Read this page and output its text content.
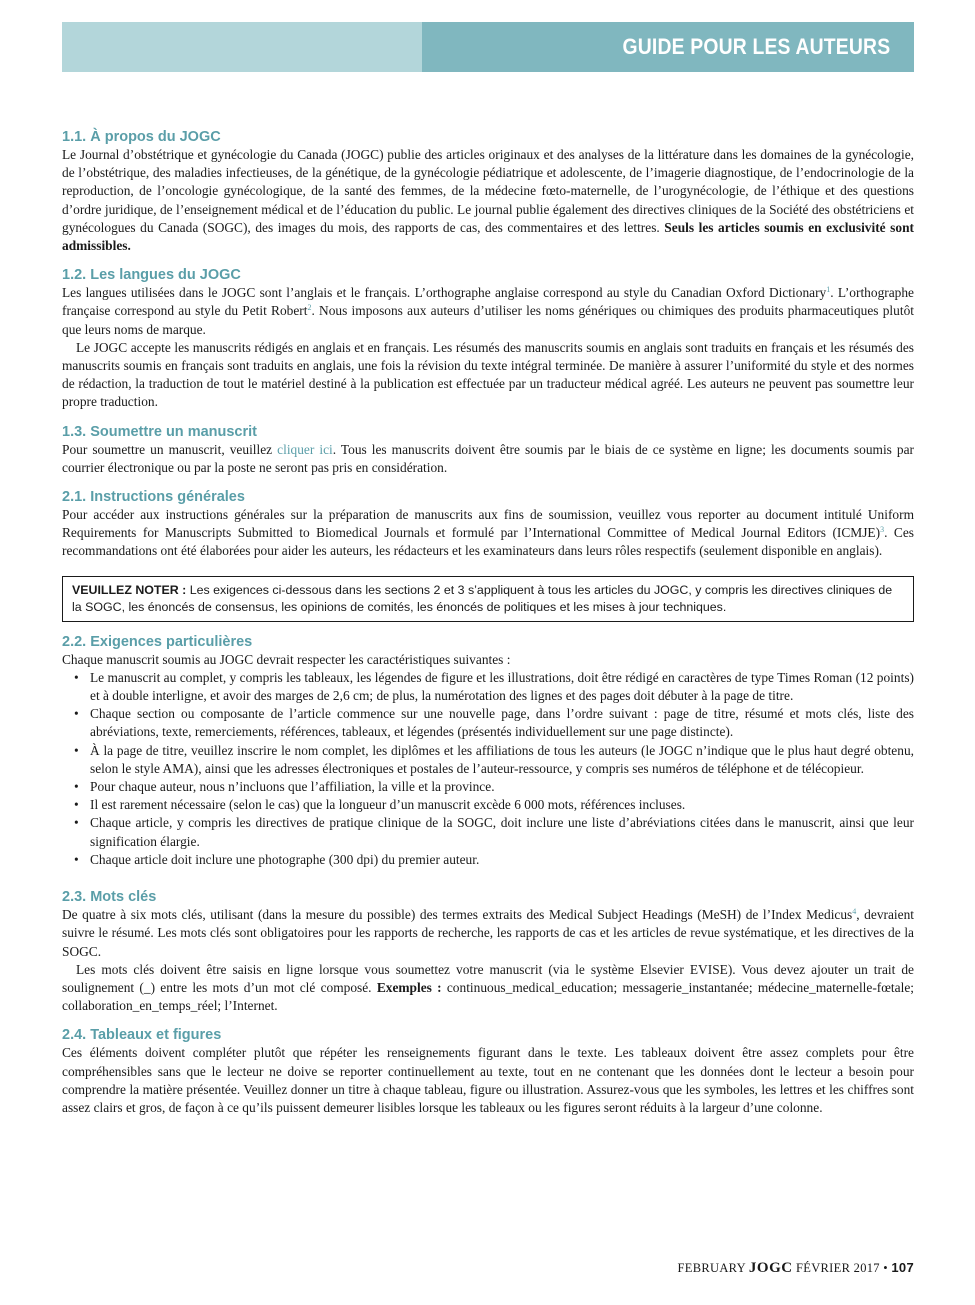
GUIDE POUR LES AUTEURS
1.1. À propos du JOGC

Le Journal d’obstétrique et gynécologie du Canada (JOGC) publie des articles originaux et des analyses de la littérature dans les domaines de la gynécologie, de l’obstétrique, des maladies infectieuses, de la génétique, de la gynécologie pédiatrique et adolescente, de l’imagerie diagnostique, de l’endocrinologie de la reproduction, de l’oncologie gynécologique, de la santé des femmes, de la médecine fœto-maternelle, de l’urogynécologie, de l’éthique et des questions d’ordre juridique, de l’enseignement médical et de l’éducation du public. Le journal publie également des directives cliniques de la Société des obstétriciens et gynécologues du Canada (SOGC), des images du mois, des rapports de cas, des commentaires et des lettres. Seuls les articles soumis en exclusivité sont admissibles.

1.2. Les langues du JOGC

Les langues utilisées dans le JOGC sont l’anglais et le français. L’orthographe anglaise correspond au style du Canadian Oxford Dictionary$^1$. L’orthographe française correspond au style du Petit Robert$^2$. Nous imposons aux auteurs d’utiliser les noms génériques ou chimiques des produits pharmaceutiques plutôt que leurs noms de marque.

Le JOGC accepte les manuscrits rédigés en anglais et en français. Les résumés des manuscrits soumis en anglais sont traduits en français et les résumés des manuscrits soumis en français sont traduits en anglais, une fois la révision du texte intégral terminée. De manière à assurer l’uniformité du style et des normes de rédaction, la traduction de tout le matériel destiné à la publication est effectuée par un traducteur médical agréé. Les auteurs ne peuvent pas soumettre leur propre traduction.

1.3. Soumettre un manuscrit

Pour soumettre un manuscrit, veuillez cliquer ici. Tous les manuscrits doivent être soumis par le biais de ce système en ligne; les documents soumis par courrier électronique ou par la poste ne seront pas pris en considération.

2.1. Instructions générales

Pour accéder aux instructions générales sur la préparation de manuscrits aux fins de soumission, veuillez vous reporter au document intitulé Uniform Requirements for Manuscripts Submitted to Biomedical Journals et formulé par l’International Committee of Medical Journal Editors (ICMJE)$^3$. Ces recommandations ont été élaborées pour aider les auteurs, les rédacteurs et les examinateurs dans leurs rôles respectifs (seulement disponible en anglais).

VEUILLEZ NOTER : Les exigences ci-dessous dans les sections 2 et 3 s’appliquent à tous les articles du JOGC, y compris les directives cliniques de la SOGC, les énoncés de consensus, les opinions de comités, les énoncés de politiques et les mises à jour techniques.

2.2. Exigences particulières

Chaque manuscrit soumis au JOGC devrait respecter les caractéristiques suivantes :

• Le manuscrit au complet, y compris les tableaux, les légendes de figure et les illustrations, doit être rédigé en caractères de type Times Roman (12 points) et à double interligne, et avoir des marges de 2,6 cm; de plus, la numérotation des lignes et des pages doit débuter à la page de titre.
• Chaque section ou composante de l’article commence sur une nouvelle page, dans l’ordre suivant : page de titre, résumé et mots clés, liste des abréviations, texte, remerciements, références, tableaux, et légendes (présentés individuellement sur une page distincte).
• À la page de titre, veuillez inscrire le nom complet, les diplômes et les affiliations de tous les auteurs (le JOGC n’indique que le plus haut degré obtenu, selon le style AMA), ainsi que les adresses électroniques et postales de l’auteur-ressource, y compris ses numéros de téléphone et de télécopieur.
• Pour chaque auteur, nous n’incluons que l’affiliation, la ville et la province.
• Il est rarement nécessaire (selon le cas) que la longueur d’un manuscrit excède 6 000 mots, références incluses.
• Chaque article, y compris les directives de pratique clinique de la SOGC, doit inclure une liste d’abréviations citées dans le manuscrit, ainsi que leur signification élargie.
• Chaque article doit inclure une photographe (300 dpi) du premier auteur.
2.3. Mots clés

De quatre à six mots clés, utilisant (dans la mesure du possible) des termes extraits des Medical Subject Headings (MeSH) de l’Index Medicus$^4$, devraient suivre le résumé. Les mots clés sont obligatoires pour les rapports de recherche, les rapports de cas et les articles de revue systématique, et les directives de la SOGC.

Les mots clés doivent être saisis en ligne lorsque vous soumettez votre manuscrit (via le système Elsevier EVISE). Vous devez ajouter un trait de soulignement (_) entre les mots d’un mot clé composé. Exemples : continuous_medical_education; messagerie_instantanée; médecine_maternelle-fœtale; collaboration_en_temps_réel; l’Internet.

2.4. Tableaux et figures

Ces éléments doivent compléter plutôt que répéter les renseignements figurant dans le texte. Les tableaux doivent être assez complets pour être compréhensibles sans que le lecteur ne doive se reporter continuellement au texte, tout en ne contenant que les données dont le lecteur a besoin pour comprendre la matière présentée. Veuillez donner un titre à chaque tableau, figure ou illustration. Assurez-vous que les symboles, les lettres et les chiffres sont assez clairs et gros, de façon à ce qu’ils puissent demeurer lisibles lorsque les tableaux ou les figures seront réduits à la largeur d’une colonne.

FEBRUARY JOGC FÉVRIER 2017 • 107
